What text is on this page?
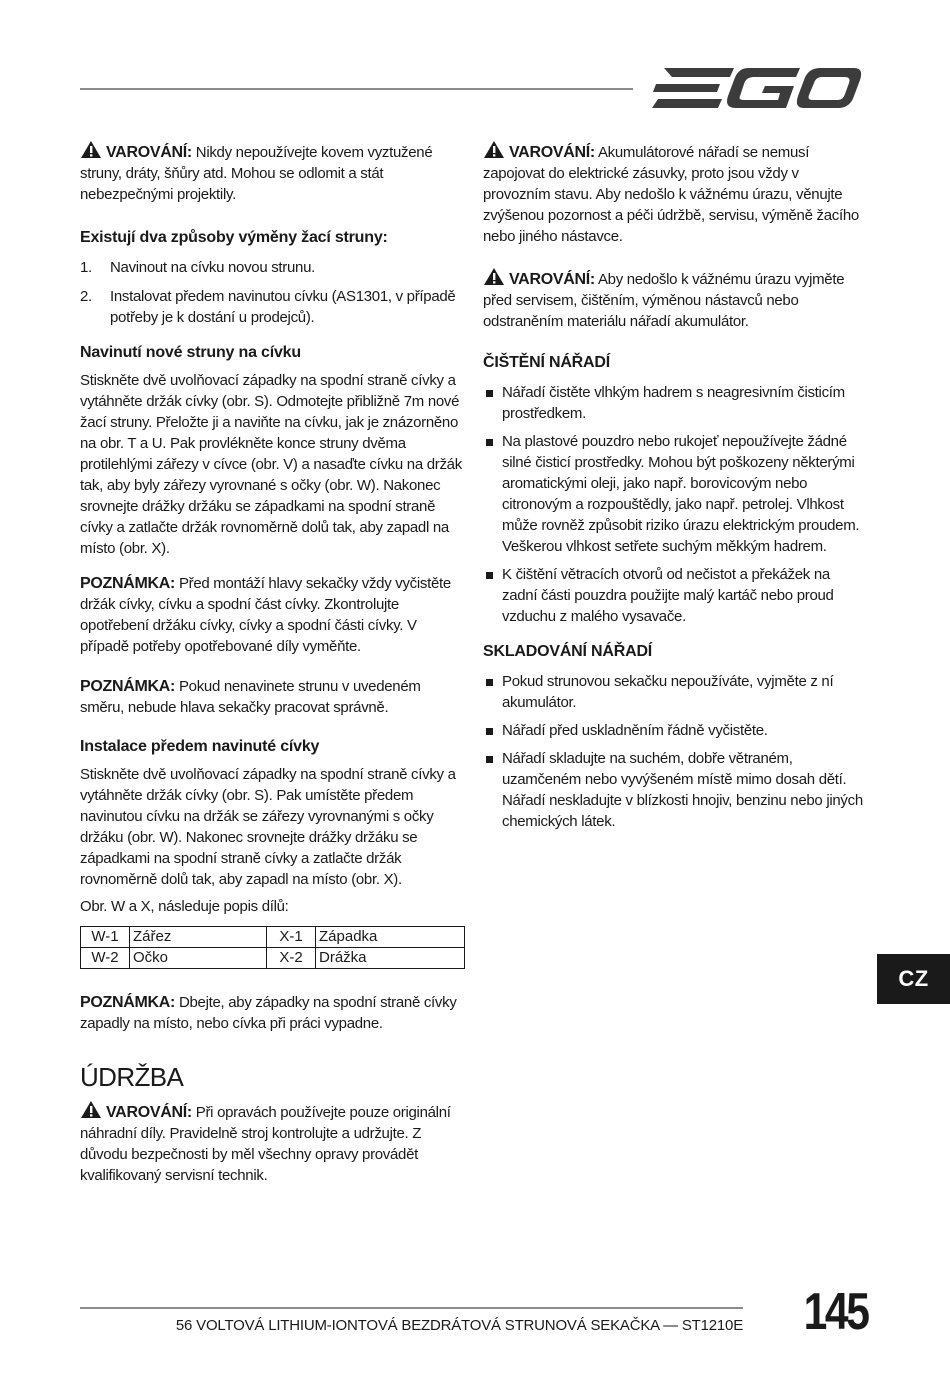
VAROVÁNÍ: Nikdy nepoužívejte kovem vyztužené struny, dráty, šňůry atd. Mohou se odlomit a stát nebezpečnými projektily.
Existují dva způsoby výměny žací struny:
1. Navinout na cívku novou strunu.
2. Instalovat předem navinutou cívku (AS1301, v případě potřeby je k dostání u prodejců).
Navinutí nové struny na cívku

Stiskněte dvě uvolňovací západky na spodní straně cívky a vytáhněte držák cívky (obr. S). Odmotejte přibližně 7m nové žací struny. Přeložte ji a naviňte na cívku, jak je znázorněno na obr. T a U. Pak provlékněte konce struny dvěma protilehlými zářezy v cívce (obr. V) a nasaďte cívku na držák tak, aby byly zářezy vyrovnané s očky (obr. W). Nakonec srovnejte drážky držáku se západkami na spodní straně cívky a zatlačte držák rovnoměrně dolů tak, aby zapadl na místo (obr. X).

POZNÁMKA: Před montáží hlavy sekačky vždy vyčistěte držák cívky, cívku a spodní část cívky. Zkontrolujte opotřebení držáku cívky, cívky a spodní části cívky. V případě potřeby opotřebované díly vyměňte.

POZNÁMKA: Pokud nenavinete strunu v uvedeném směru, nebude hlava sekačky pracovat správně.

Instalace předem navinuté cívky

Stiskněte dvě uvolňovací západky na spodní straně cívky a vytáhněte držák cívky (obr. S). Pak umístěte předem navinutou cívku na držák se zářezy vyrovnanými s očky držáku (obr. W). Nakonec srovnejte drážky držáku se západkami na spodní straně cívky a zatlačte držák rovnoměrně dolů tak, aby zapadl na místo (obr. X).

Obr. W a X, následuje popis dílů:

W-1	Zářez	X-1	Západka
W-2	Očko	X-2	Drážka

POZNÁMKA: Dbejte, aby západky na spodní straně cívky zapadly na místo, nebo cívka při práci vypadne.

ÚDRŽBA
VAROVÁNÍ: Při opravách používejte pouze originální náhradní díly. Pravidelně stroj kontrolujte a udržujte. Z důvodu bezpečnosti by měl všechny opravy provádět kvalifikovaný servisní technik.
VAROVÁNÍ: Akumulátorové nářadí se nemusí zapojovat do elektrické zásuvky, proto jsou vždy v provozním stavu. Aby nedošlo k vážnému úrazu, věnujte zvýšenou pozornost a péči údržbě, servisu, výměně žacího nebo jiného nástavce.
VAROVÁNÍ: Aby nedošlo k vážnému úrazu vyjměte před servisem, čištěním, výměnou nástavců nebo odstraněním materiálu nářadí akumulátor.
ČIŠTĚNÍ NÁŘADÍ
Nářadí čistěte vlhkým hadrem s neagresivním čisticím prostředkem.
Na plastové pouzdro nebo rukojeť nepoužívejte žádné silné čisticí prostředky. Mohou být poškozeny některými aromatickými oleji, jako např. borovicovým nebo citronovým a rozpouštědly, jako např. petrolej. Vlhkost může rovněž způsobit riziko úrazu elektrickým proudem. Veškerou vlhkost setřete suchým měkkým hadrem.
K čištění větracích otvorů od nečistot a překážek na zadní části pouzdra použijte malý kartáč nebo proud vzduchu z malého vysavače.
SKLADOVÁNÍ NÁŘADÍ
Pokud strunovou sekačku nepoužíváte, vyjměte z ní akumulátor.
Nářadí před uskladněním řádně vyčistěte.
Nářadí skladujte na suchém, dobře větraném, uzamčeném nebo vyvýšeném místě mimo dosah dětí. Nářadí neskladujte v blízkosti hnojiv, benzinu nebo jiných chemických látek.
CZ
56 VOLTOVÁ LITHIUM-IONTOVÁ BEZDRÁTOVÁ STRUNOVÁ SEKAČKA — ST1210E 145
